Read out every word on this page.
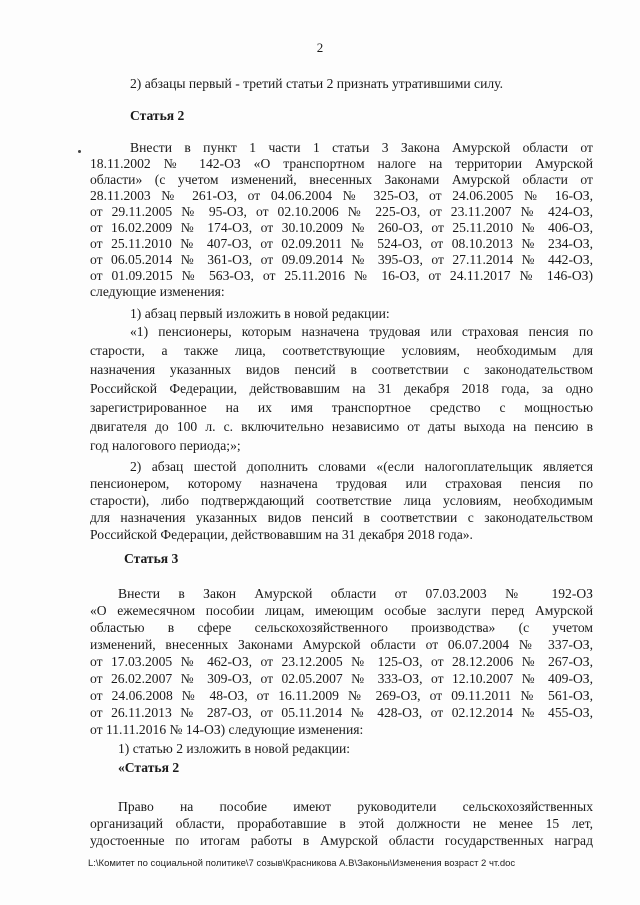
2
2) абзацы первый - третий статьи 2 признать утратившими силу.
Статья 2
Внести в пункт 1 части 1 статьи 3 Закона Амурской области от
18.11.2002 № 142-ОЗ «О транспортном налоге на территории Амурской
области» (с учетом изменений, внесенных Законами Амурской области от
28.11.2003 № 261-ОЗ, от 04.06.2004 № 325-ОЗ, от 24.06.2005 № 16-ОЗ,
от 29.11.2005 № 95-ОЗ, от 02.10.2006 № 225-ОЗ, от 23.11.2007 № 424-ОЗ,
от 16.02.2009 № 174-ОЗ, от 30.10.2009 № 260-ОЗ, от 25.11.2010 № 406-ОЗ,
от 25.11.2010 № 407-ОЗ, от 02.09.2011 № 524-ОЗ, от 08.10.2013 № 234-ОЗ,
от 06.05.2014 № 361-ОЗ, от 09.09.2014 № 395-ОЗ, от 27.11.2014 № 442-ОЗ,
от 01.09.2015 № 563-ОЗ, от 25.11.2016 № 16-ОЗ, от 24.11.2017 № 146-ОЗ)
следующие изменения:
1) абзац первый изложить в новой редакции:
«1) пенсионеры, которым назначена трудовая или страховая пенсия по
старости, а также лица, соответствующие условиям, необходимым для
назначения указанных видов пенсий в соответствии с законодательством
Российской Федерации, действовавшим на 31 декабря 2018 года, за одно
зарегистрированное на их имя транспортное средство с мощностью
двигателя до 100 л. с. включительно независимо от даты выхода на пенсию в
год налогового периода;»;
2) абзац шестой дополнить словами «(если налогоплательщик является
пенсионером, которому назначена трудовая или страховая пенсия по
старости), либо подтверждающий соответствие лица условиям, необходимым
для назначения указанных видов пенсий в соответствии с законодательством
Российской Федерации, действовавшим на 31 декабря 2018 года».
Статья 3
Внести в Закон Амурской области от 07.03.2003 № 192-ОЗ
«О ежемесячном пособии лицам, имеющим особые заслуги перед Амурской
областью в сфере сельскохозяйственного производства» (с учетом
изменений, внесенных Законами Амурской области от 06.07.2004 № 337-ОЗ,
от 17.03.2005 № 462-ОЗ, от 23.12.2005 № 125-ОЗ, от 28.12.2006 № 267-ОЗ,
от 26.02.2007 № 309-ОЗ, от 02.05.2007 № 333-ОЗ, от 12.10.2007 № 409-ОЗ,
от 24.06.2008 № 48-ОЗ, от 16.11.2009 № 269-ОЗ, от 09.11.2011 № 561-ОЗ,
от 26.11.2013 № 287-ОЗ, от 05.11.2014 № 428-ОЗ, от 02.12.2014 № 455-ОЗ,
от 11.11.2016 № 14-ОЗ) следующие изменения:
1) статью 2 изложить в новой редакции:
«Статья 2
Право на пособие имеют руководители сельскохозяйственных
организаций области, проработавшие в этой должности не менее 15 лет,
удостоенные по итогам работы в Амурской области государственных наград
L:\Комитет по социальной политике\7 созыв\Красникова А.В\Законы\Изменения возраст 2 чт.doc
